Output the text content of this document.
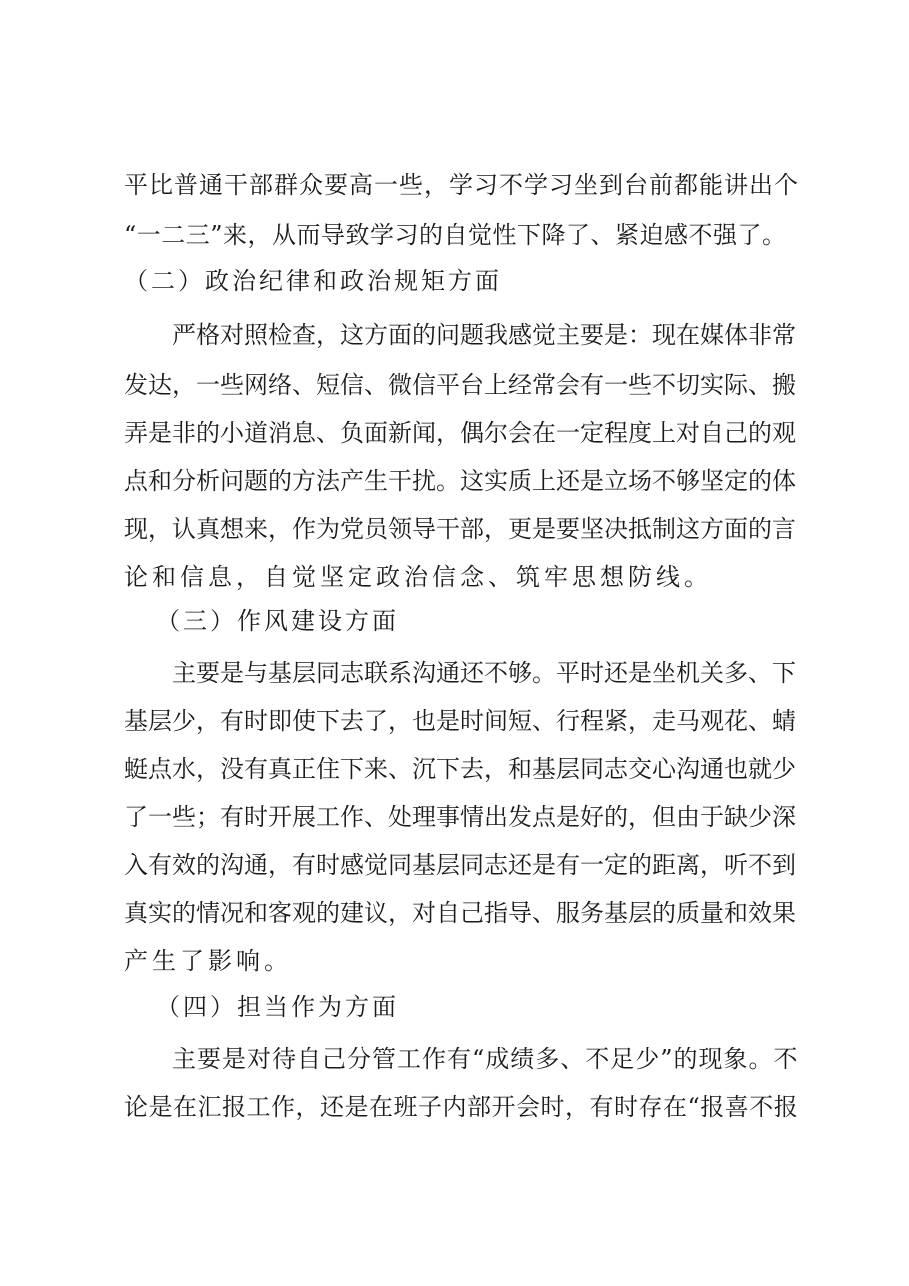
平比普通干部群众要高一些，学习不学习坐到台前都能讲出个
“一二三”来，从而导致学习的自觉性下降了、紧迫感不强了。
（二）政治纪律和政治规矩方面
严格对照检查，这方面的问题我感觉主要是：现在媒体非常
发达，一些网络、短信、微信平台上经常会有一些不切实际、搬
弄是非的小道消息、负面新闻，偶尔会在一定程度上对自己的观
点和分析问题的方法产生干扰。这实质上还是立场不够坚定的体
现，认真想来，作为党员领导干部，更是要坚决抵制这方面的言
论和信息，自觉坚定政治信念、筑牢思想防线。
（三）作风建设方面
主要是与基层同志联系沟通还不够。平时还是坐机关多、下
基层少，有时即使下去了，也是时间短、行程紧，走马观花、蜻
蜓点水，没有真正住下来、沉下去，和基层同志交心沟通也就少
了一些；有时开展工作、处理事情出发点是好的，但由于缺少深
入有效的沟通，有时感觉同基层同志还是有一定的距离，听不到
真实的情况和客观的建议，对自己指导、服务基层的质量和效果
产生了影响。
（四）担当作为方面
主要是对待自己分管工作有“成绩多、不足少”的现象。不
论是在汇报工作，还是在班子内部开会时，有时存在“报喜不报
